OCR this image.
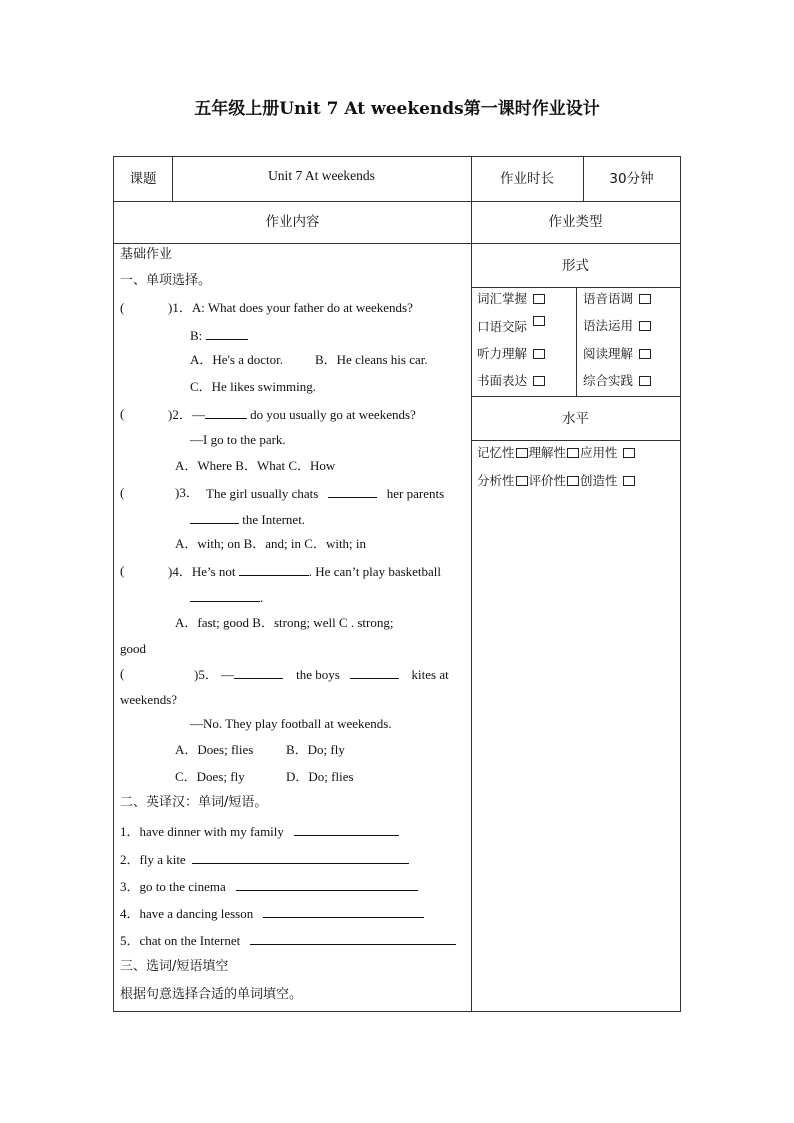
五年级上册Unit 7 At weekends第一课时作业设计
课题	Unit 7 At weekends	作业时长	30分钟
作业内容	作业类型
形式
词汇掌握	语音语调
口语交际	语法运用
听力理解	阅读理解
书面表达	综合实践
水平
记忆性 理解性 应用性
分析性 评价性 创造性
基础作业
一、单项选择。
(	)1．A: What does your father do at weekends?
B:
A．He's a doctor. B．He cleans his car.
C．He likes swimming.
(	)2．—	do you usually go at weekends?
—I go to the park.
A．Where B．What C．How
(	)3． The girl usually chats	her parents
the Internet.
A．with; on B．and; in C．with; in
(	)4．He’s not	. He can’t play basketball
.
A．fast; good B．strong; well C . strong;
good
(	)5． —	the boys	kites at
weekends?
—No. They play football at weekends.
A．Does; flies	B．Do; fly
C．Does; fly	D．Do; flies
二、英译汉：单词/短语。
1．have dinner with my family
2．fly a kite
3．go to the cinema
4．have a dancing lesson
5．chat on the Internet
三、选词/短语填空
根据句意选择合适的单词填空。
